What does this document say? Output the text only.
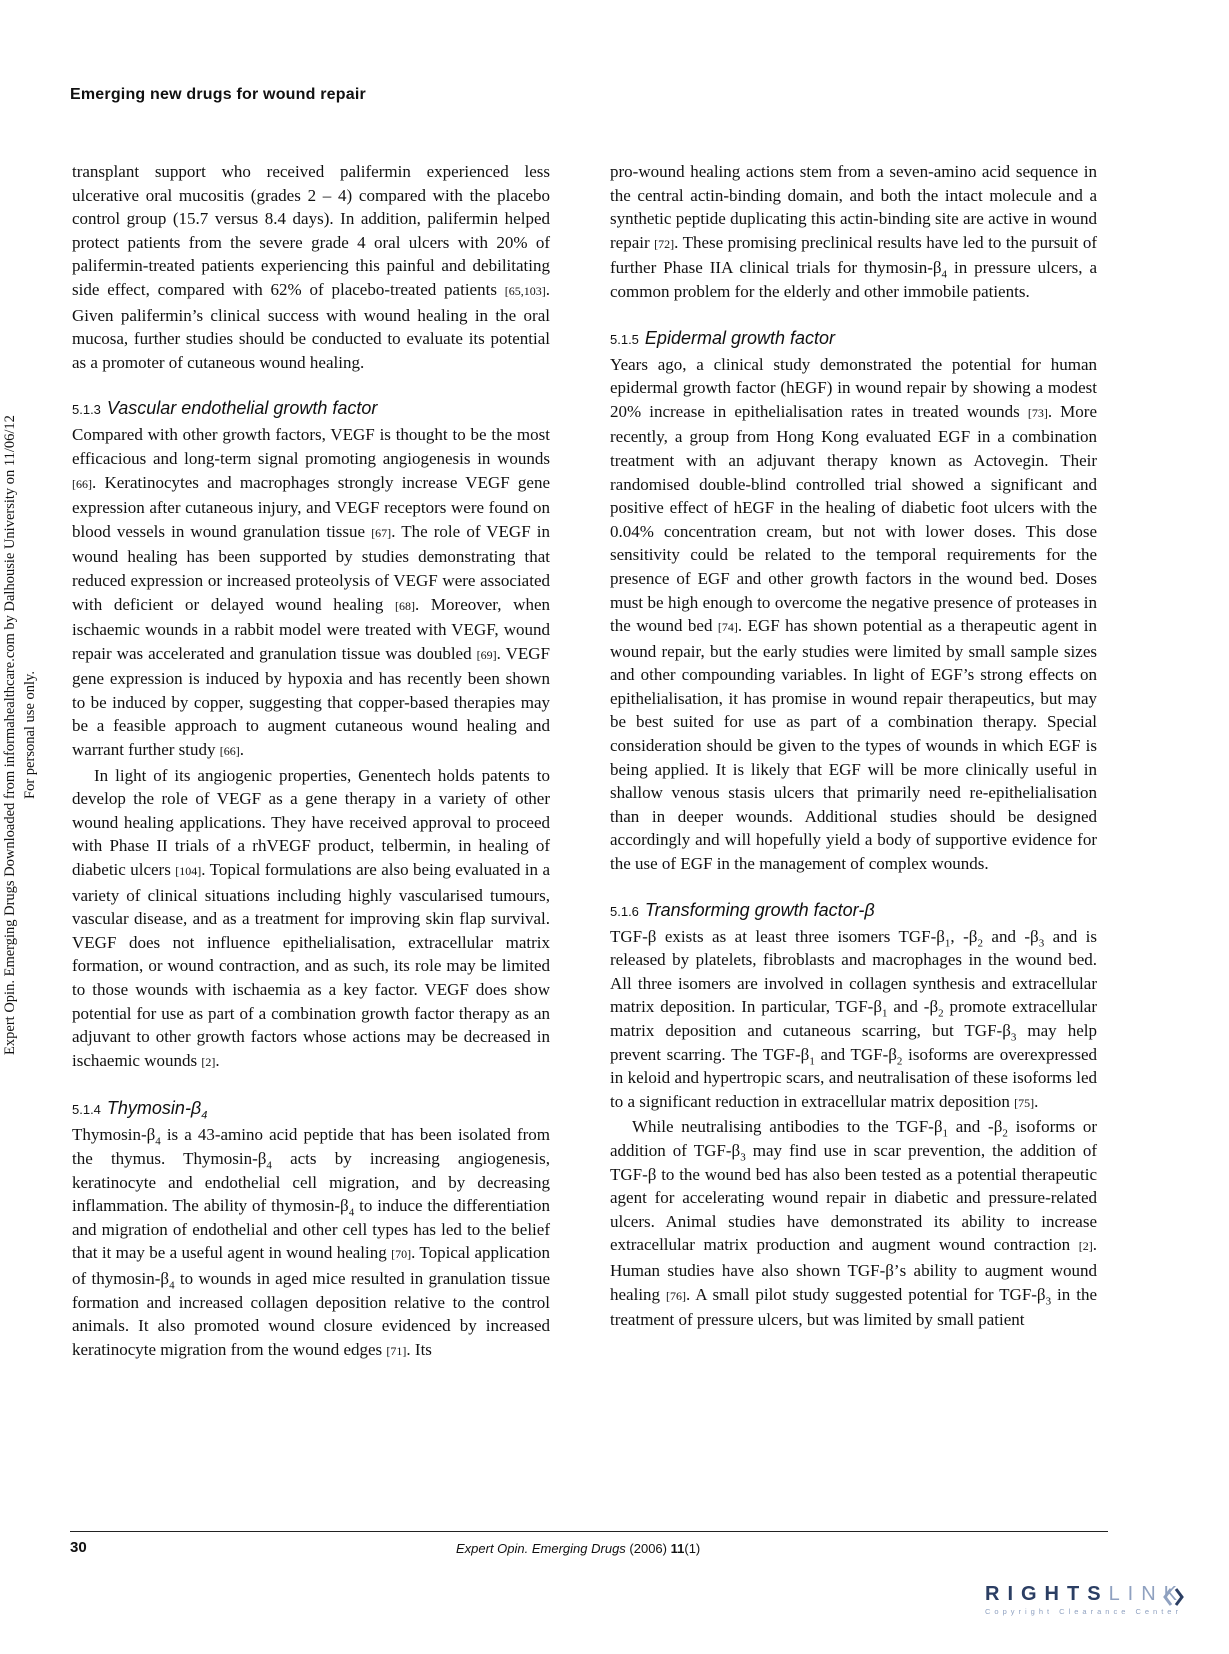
Emerging new drugs for wound repair
Expert Opin. Emerging Drugs Downloaded from informahealthcare.com by Dalhousie University on 11/06/12 For personal use only.

transplant support who received palifermin experienced less ulcerative oral mucositis (grades 2 – 4) compared with the placebo control group (15.7 versus 8.4 days). In addition, palifermin helped protect patients from the severe grade 4 oral ulcers with 20% of palifermin-treated patients experiencing this painful and debilitating side effect, compared with 62% of placebo-treated patients [65,103]. Given palifermin’s clinical success with wound healing in the oral mucosa, further studies should be conducted to evaluate its potential as a promoter of cutaneous wound healing.

5.1.3 Vascular endothelial growth factor

Compared with other growth factors, VEGF is thought to be the most efficacious and long-term signal promoting angiogenesis in wounds [66]. Keratinocytes and macrophages strongly increase VEGF gene expression after cutaneous injury, and VEGF receptors were found on blood vessels in wound granulation tissue [67]. The role of VEGF in wound healing has been supported by studies demonstrating that reduced expression or increased proteolysis of VEGF were associated with deficient or delayed wound healing [68]. Moreover, when ischaemic wounds in a rabbit model were treated with VEGF, wound repair was accelerated and granulation tissue was doubled [69]. VEGF gene expression is induced by hypoxia and has recently been shown to be induced by copper, suggesting that copper-based therapies may be a feasible approach to augment cutaneous wound healing and warrant further study [66].

In light of its angiogenic properties, Genentech holds patents to develop the role of VEGF as a gene therapy in a variety of other wound healing applications. They have received approval to proceed with Phase II trials of a rhVEGF product, telbermin, in healing of diabetic ulcers [104]. Topical formulations are also being evaluated in a variety of clinical situations including highly vascularised tumours, vascular disease, and as a treatment for improving skin flap survival. VEGF does not influence epithelialisation, extracellular matrix formation, or wound contraction, and as such, its role may be limited to those wounds with ischaemia as a key factor. VEGF does show potential for use as part of a combination growth factor therapy as an adjuvant to other growth factors whose actions may be decreased in ischaemic wounds [2].

5.1.4 Thymosin-$\beta_4$

Thymosin-$\beta_4$ is a 43-amino acid peptide that has been isolated from the thymus. Thymosin-$\beta_4$ acts by increasing angiogenesis, keratinocyte and endothelial cell migration, and by decreasing inflammation. The ability of thymosin-$\beta_4$ to induce the differentiation and migration of endothelial and other cell types has led to the belief that it may be a useful agent in wound healing [70]. Topical application of thymosin-$\beta_4$ to wounds in aged mice resulted in granulation tissue formation and increased collagen deposition relative to the control animals. It also promoted wound closure evidenced by increased keratinocyte migration from the wound edges [71]. Its

pro-wound healing actions stem from a seven-amino acid sequence in the central actin-binding domain, and both the intact molecule and a synthetic peptide duplicating this actin-binding site are active in wound repair [72]. These promising preclinical results have led to the pursuit of further Phase IIA clinical trials for thymosin-$\beta_4$ in pressure ulcers, a common problem for the elderly and other immobile patients.

5.1.5 Epidermal growth factor

Years ago, a clinical study demonstrated the potential for human epidermal growth factor (hEGF) in wound repair by showing a modest 20% increase in epithelialisation rates in treated wounds [73]. More recently, a group from Hong Kong evaluated EGF in a combination treatment with an adjuvant therapy known as Actovegin. Their randomised double-blind controlled trial showed a significant and positive effect of hEGF in the healing of diabetic foot ulcers with the 0.04% concentration cream, but not with lower doses. This dose sensitivity could be related to the temporal requirements for the presence of EGF and other growth factors in the wound bed. Doses must be high enough to overcome the negative presence of proteases in the wound bed [74]. EGF has shown potential as a therapeutic agent in wound repair, but the early studies were limited by small sample sizes and other compounding variables. In light of EGF’s strong effects on epithelialisation, it has promise in wound repair therapeutics, but may be best suited for use as part of a combination therapy. Special consideration should be given to the types of wounds in which EGF is being applied. It is likely that EGF will be more clinically useful in shallow venous stasis ulcers that primarily need re-epithelialisation than in deeper wounds. Additional studies should be designed accordingly and will hopefully yield a body of supportive evidence for the use of EGF in the management of complex wounds.

5.1.6 Transforming growth factor-β

TGF-β exists as at least three isomers TGF-$\beta_1$, $-\beta_2$ and $-\beta_3$ and is released by platelets, fibroblasts and macrophages in the wound bed. All three isomers are involved in collagen synthesis and extracellular matrix deposition. In particular, TGF-$\beta_1$ and $-\beta_2$ promote extracellular matrix deposition and cutaneous scarring, but TGF-$\beta_3$ may help prevent scarring. The TGF-$\beta_1$ and TGF-$\beta_2$ isoforms are overexpressed in keloid and hypertropic scars, and neutralisation of these isoforms led to a significant reduction in extracellular matrix deposition [75].

While neutralising antibodies to the TGF-$\beta_1$ and $-\beta_2$ isoforms or addition of TGF-$\beta_3$ may find use in scar prevention, the addition of TGF-β to the wound bed has also been tested as a potential therapeutic agent for accelerating wound repair in diabetic and pressure-related ulcers. Animal studies have demonstrated its ability to increase extracellular matrix production and augment wound contraction [2]. Human studies have also shown TGF-β’s ability to augment wound healing [76]. A small pilot study suggested potential for TGF-$\beta_3$ in the treatment of pressure ulcers, but was limited by small patient

30	Expert Opin. Emerging Drugs (2006) 11(1)
RIGHTSLINK
Copyright Clearance Center
